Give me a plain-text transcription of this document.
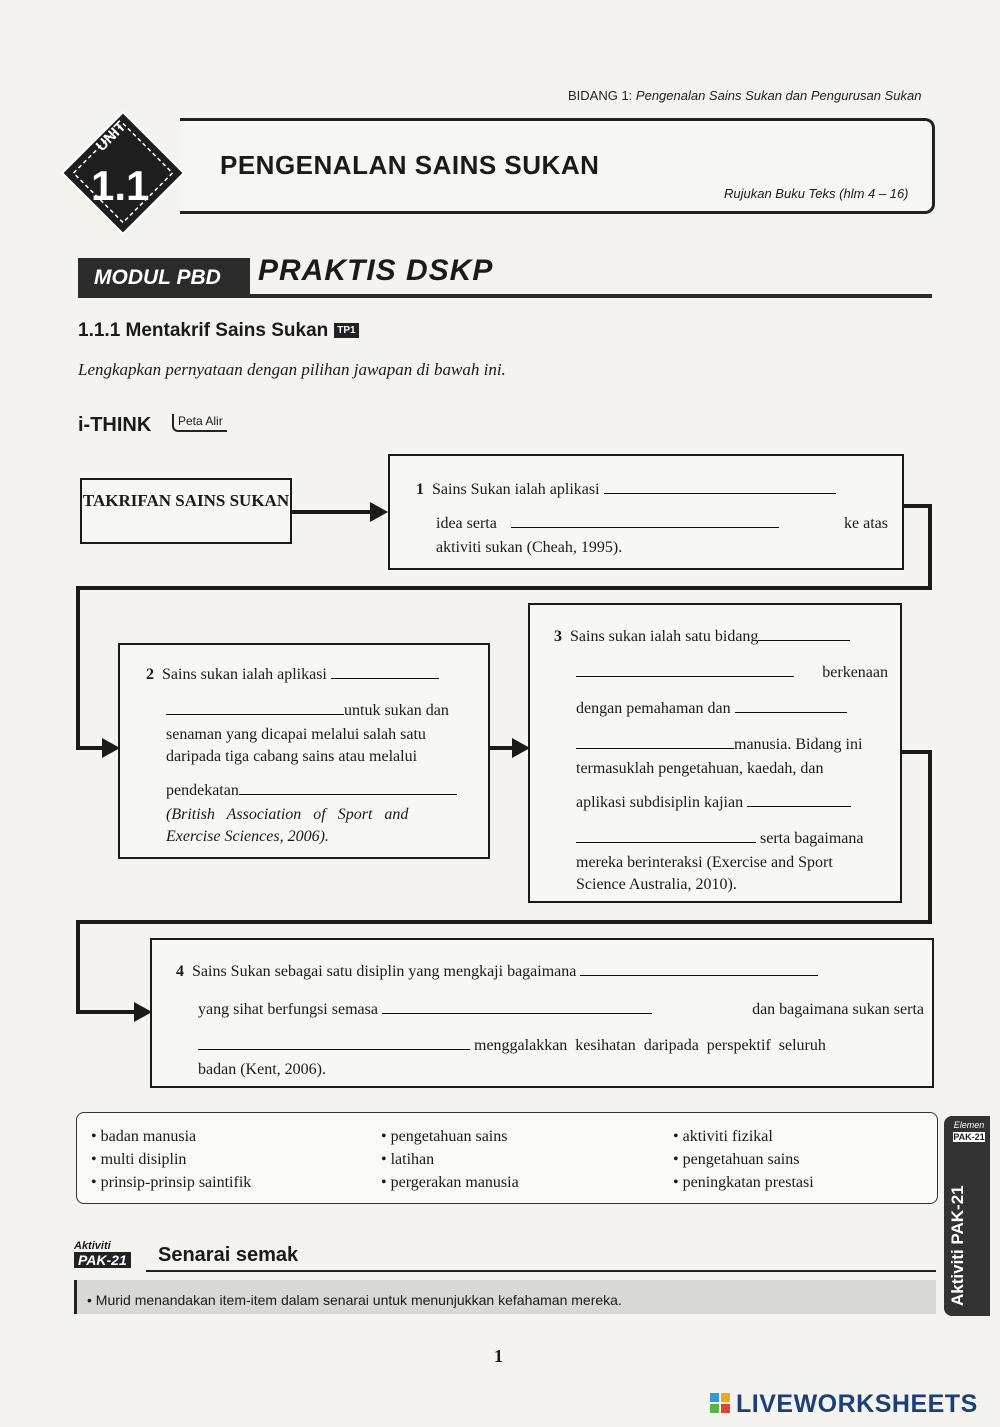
BIDANG 1: Pengenalan Sains Sukan dan Pengurusan Sukan
UNIT
1.1	PENGENALAN SAINS SUKAN
Rujukan Buku Teks (hlm 4 – 16)
MODUL PBD	PRAKTIS DSKP
1.1.1 Mentakrif Sains Sukan TP1
Lengkapkan pernyataan dengan pilihan jawapan di bawah ini.
i-THINK	Peta Alir
TAKRIFAN SAINS SUKAN
1 Sains Sukan ialah aplikasi
idea serta	ke atas
aktiviti sukan (Cheah, 1995).
2 Sains sukan ialah aplikasi
untuk sukan dan
senaman yang dicapai melalui salah satu
daripada tiga cabang sains atau melalui
pendekatan
(British Association of Sport and
Exercise Sciences, 2006).
3 Sains sukan ialah satu bidang
berkenaan
dengan pemahaman dan
manusia. Bidang ini
termasuklah pengetahuan, kaedah, dan
aplikasi subdisiplin kajian
serta bagaimana
mereka berinteraksi (Exercise and Sport
Science Australia, 2010).
4 Sains Sukan sebagai satu disiplin yang mengkaji bagaimana
yang sihat berfungsi semasa	dan bagaimana sukan serta
menggalakkan kesihatan daripada perspektif seluruh
badan (Kent, 2006).
• badan manusia
• multi disiplin
• prinsip-prinsip saintifik
• pengetahuan sains
• latihan
• pergerakan manusia
• aktiviti fizikal
• pengetahuan sains
• peningkatan prestasi
Aktiviti
PAK-21	Senarai semak
• Murid menandakan item-item dalam senarai untuk menunjukkan kefahaman mereka.
Elemen
PAK-21
Aktiviti PAK-21
1
LIVEWORKSHEETS
